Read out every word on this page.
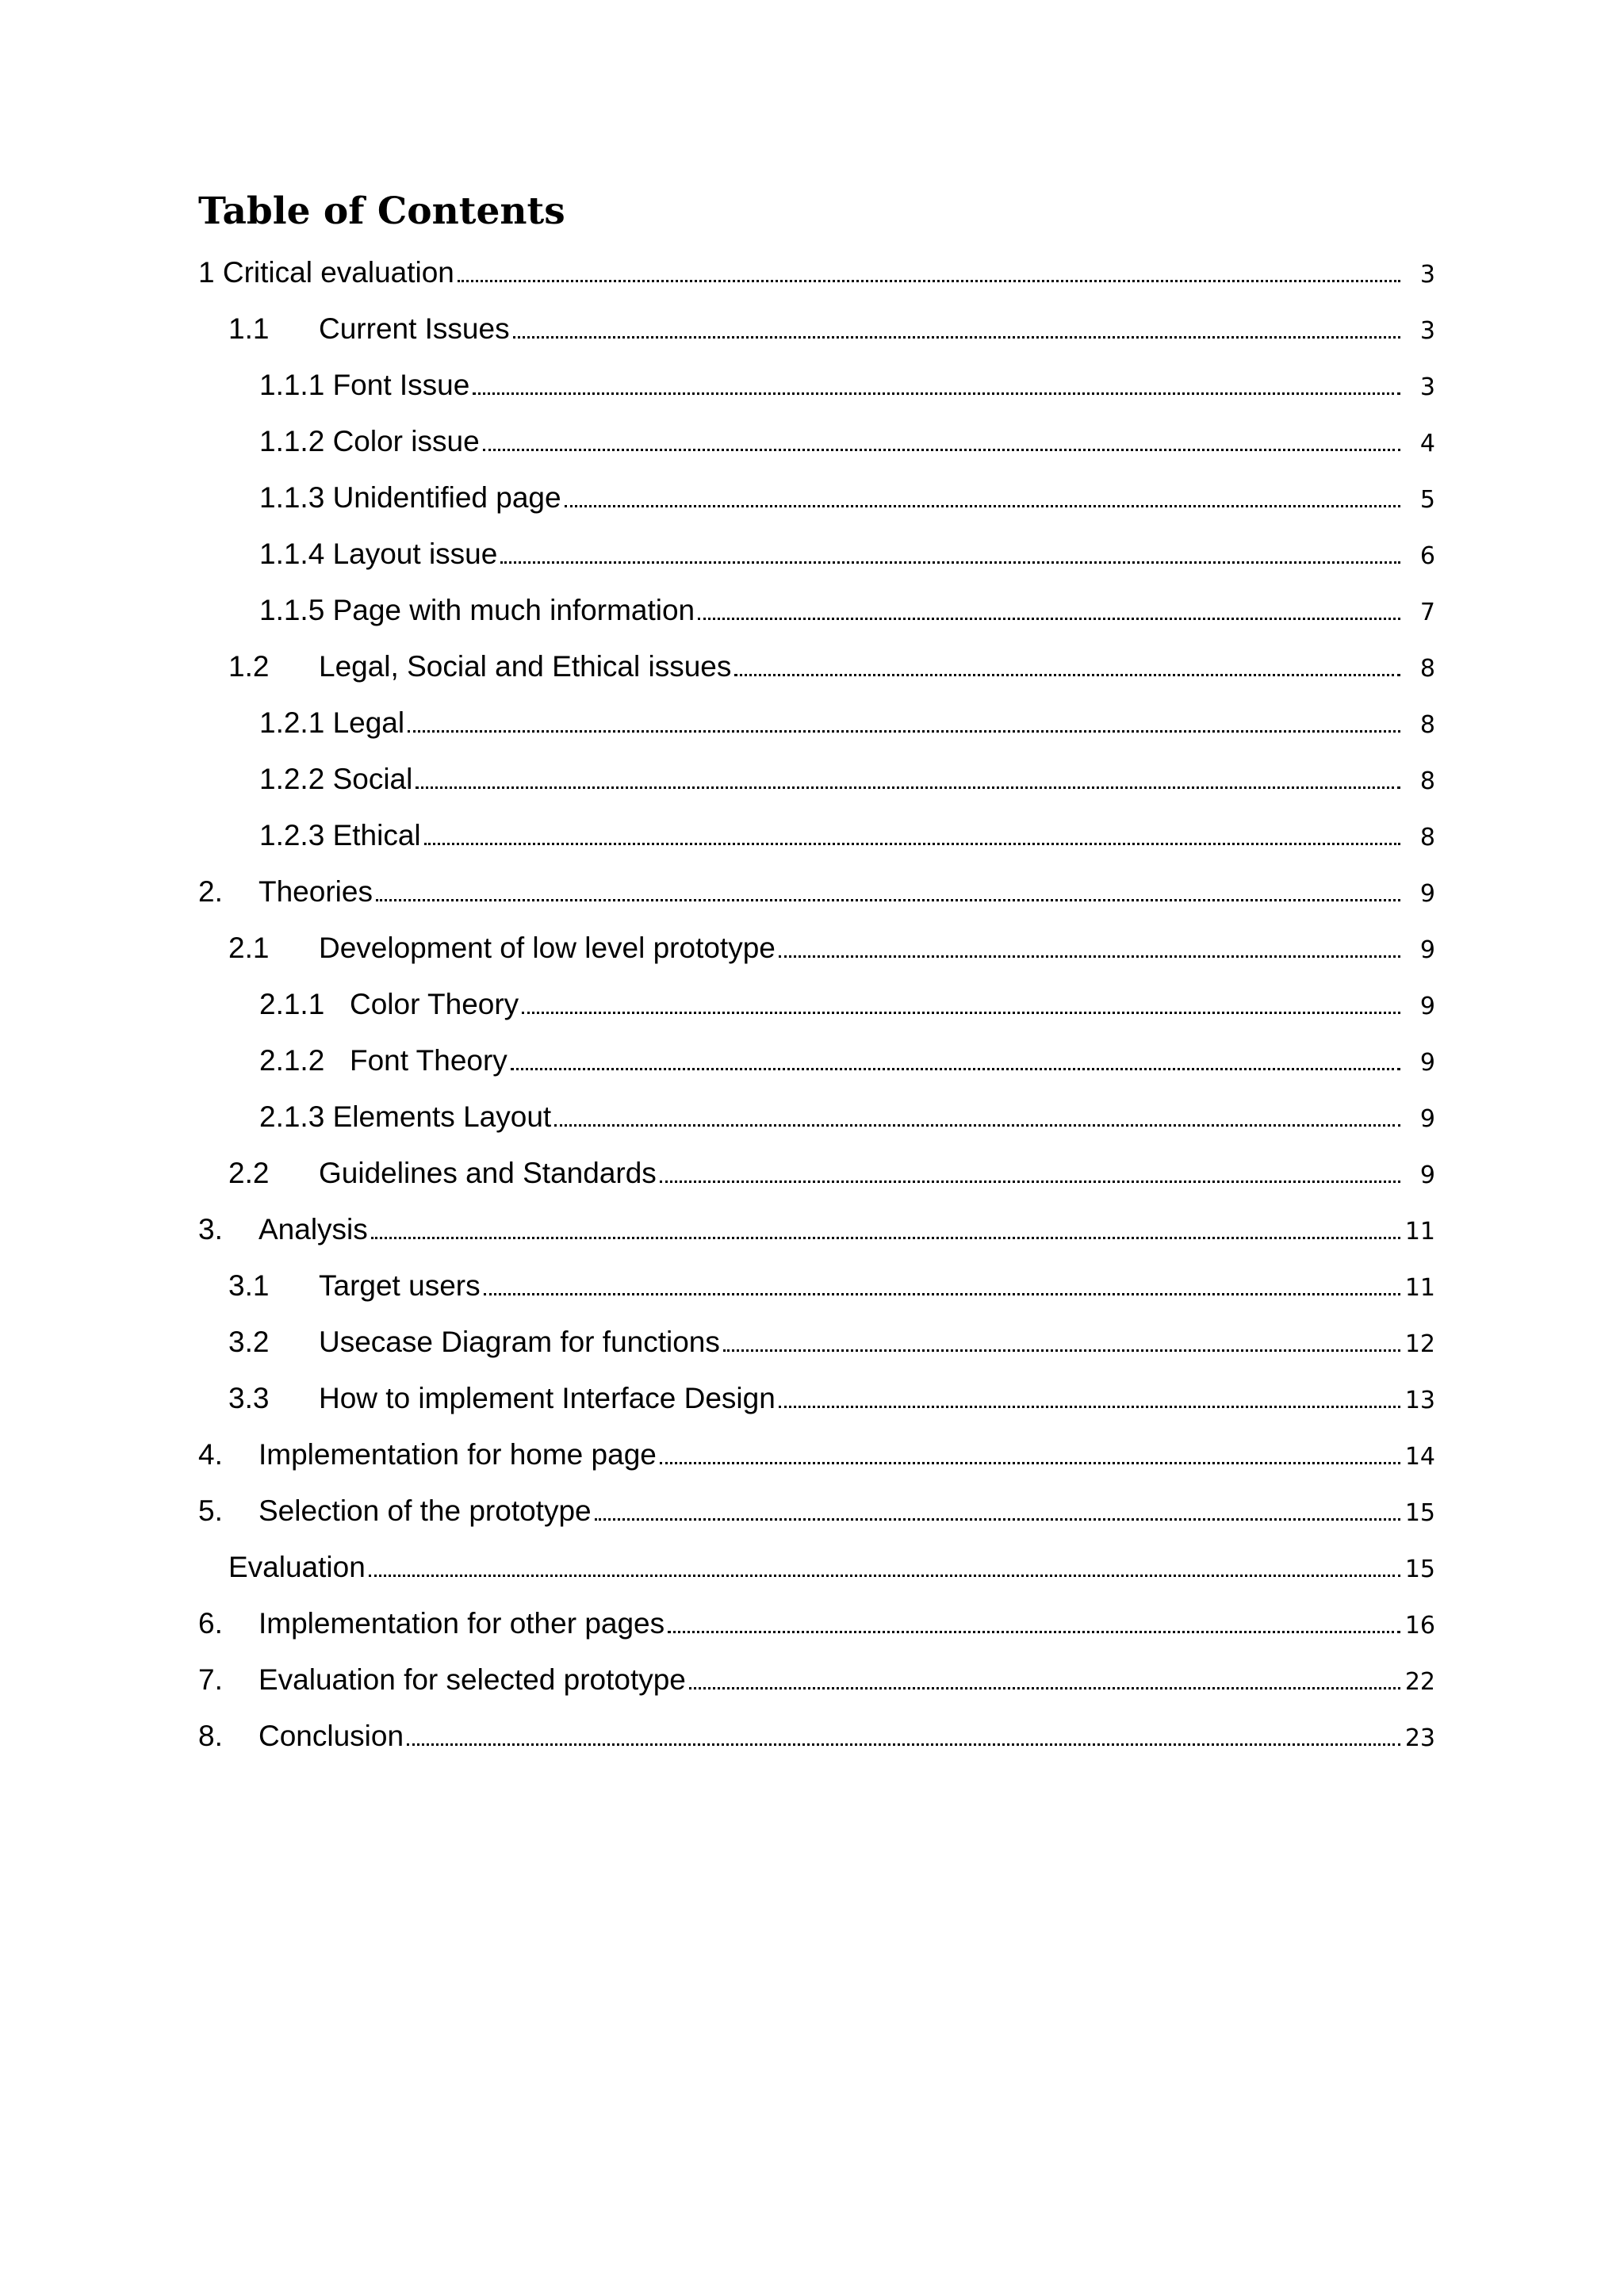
Table of Contents
1 Critical evaluation	3
1.1	Current Issues	3
1.1.1 Font Issue	3
1.1.2 Color issue	4
1.1.3 Unidentified page	5
1.1.4 Layout issue	6
1.1.5 Page with much information	7
1.2	Legal, Social and Ethical issues	8
1.2.1 Legal	8
1.2.2 Social	8
1.2.3 Ethical	8
2.	Theories	9
2.1	Development of low level prototype	9
2.1.1 Color Theory	9
2.1.2 Font Theory	9
2.1.3 Elements Layout	9
2.2	Guidelines and Standards	9
3.	Analysis	11
3.1	Target users	11
3.2	Usecase Diagram for functions	12
3.3	How to implement Interface Design	13
4.	Implementation for home page	14
5.	Selection of the prototype	15
Evaluation	15
6.	Implementation for other pages	16
7.	Evaluation for selected prototype	22
8.	Conclusion	23
